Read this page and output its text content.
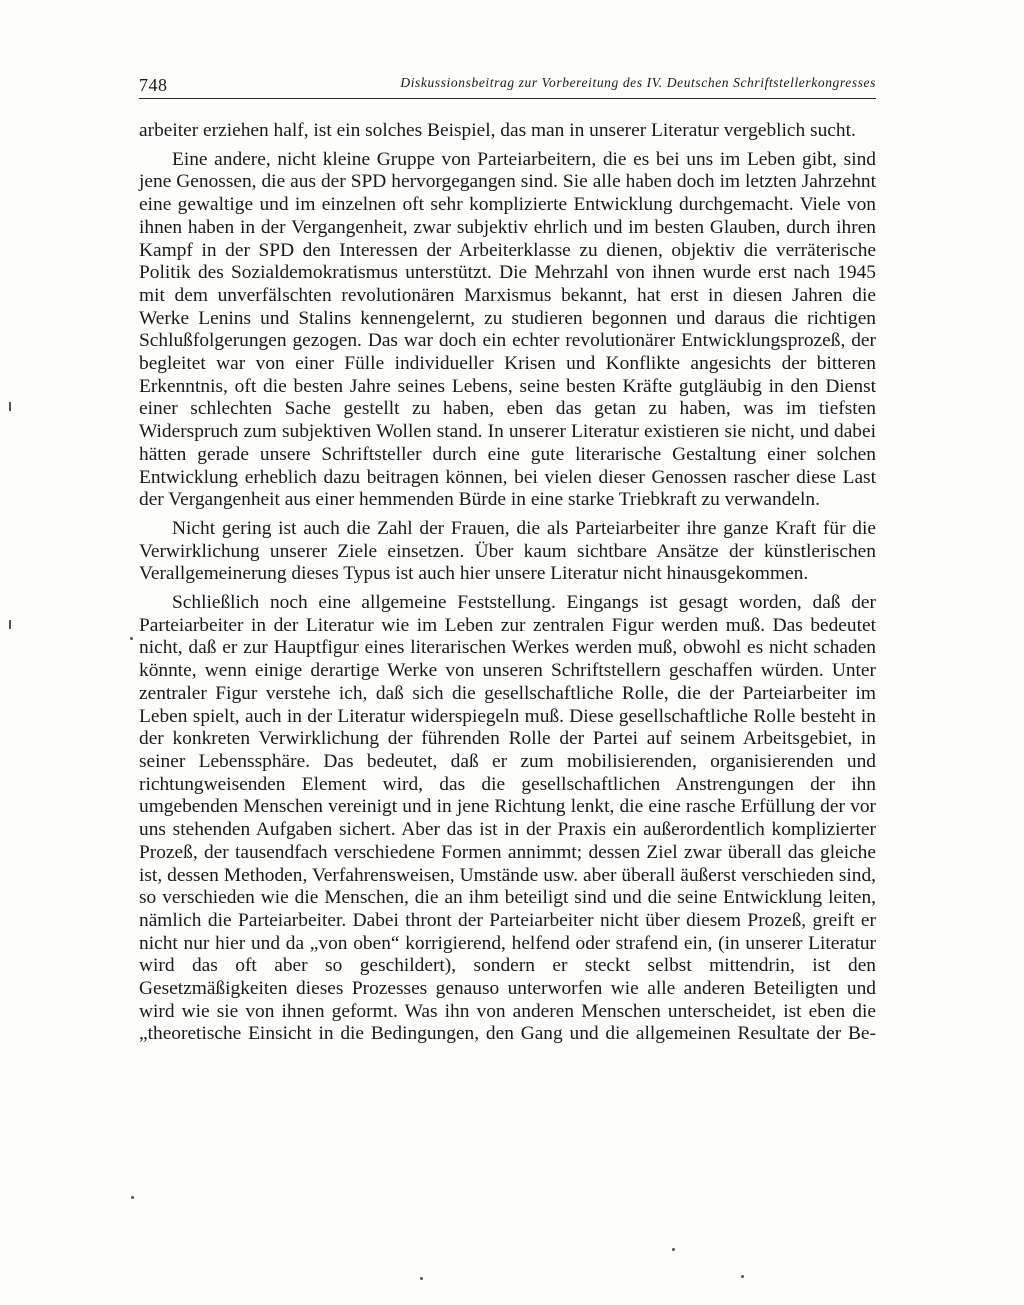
748	Diskussionsbeitrag zur Vorbereitung des IV. Deutschen Schriftstellerkongresses

arbeiter erziehen half, ist ein solches Beispiel, das man in unserer Literatur vergeblich sucht.

Eine andere, nicht kleine Gruppe von Parteiarbeitern, die es bei uns im Leben gibt, sind jene Genossen, die aus der SPD hervorgegangen sind. Sie alle haben doch im letzten Jahrzehnt eine gewaltige und im einzelnen oft sehr komplizierte Entwicklung durchgemacht. Viele von ihnen haben in der Vergangenheit, zwar subjektiv ehrlich und im besten Glauben, durch ihren Kampf in der SPD den Interessen der Arbeiterklasse zu dienen, objektiv die verräterische Politik des Sozialdemokratismus unterstützt. Die Mehrzahl von ihnen wurde erst nach 1945 mit dem unverfälschten revolutionären Marxismus bekannt, hat erst in diesen Jahren die Werke Lenins und Stalins kennengelernt, zu studieren begonnen und daraus die richtigen Schlußfolgerungen gezogen. Das war doch ein echter revolutionärer Entwicklungsprozeß, der begleitet war von einer Fülle individueller Krisen und Konflikte angesichts der bitteren Erkenntnis, oft die besten Jahre seines Lebens, seine besten Kräfte gutgläubig in den Dienst einer schlechten Sache gestellt zu haben, eben das getan zu haben, was im tiefsten Widerspruch zum subjektiven Wollen stand. In unserer Literatur existieren sie nicht, und dabei hätten gerade unsere Schriftsteller durch eine gute literarische Gestaltung einer solchen Entwicklung erheblich dazu beitragen können, bei vielen dieser Genossen rascher diese Last der Vergangenheit aus einer hemmenden Bürde in eine starke Triebkraft zu verwandeln.

Nicht gering ist auch die Zahl der Frauen, die als Parteiarbeiter ihre ganze Kraft für die Verwirklichung unserer Ziele einsetzen. Über kaum sichtbare Ansätze der künstlerischen Verallgemeinerung dieses Typus ist auch hier unsere Literatur nicht hinausgekommen.

Schließlich noch eine allgemeine Feststellung. Eingangs ist gesagt worden, daß der Parteiarbeiter in der Literatur wie im Leben zur zentralen Figur werden muß. Das bedeutet nicht, daß er zur Hauptfigur eines literarischen Werkes werden muß, obwohl es nicht schaden könnte, wenn einige derartige Werke von unseren Schriftstellern geschaffen würden. Unter zentraler Figur verstehe ich, daß sich die gesellschaftliche Rolle, die der Parteiarbeiter im Leben spielt, auch in der Literatur widerspiegeln muß. Diese gesellschaftliche Rolle besteht in der konkreten Verwirklichung der führenden Rolle der Partei auf seinem Arbeitsgebiet, in seiner Lebenssphäre. Das bedeutet, daß er zum mobilisierenden, organisierenden und richtungweisenden Element wird, das die gesellschaftlichen Anstrengungen der ihn umgebenden Menschen vereinigt und in jene Richtung lenkt, die eine rasche Erfüllung der vor uns stehenden Aufgaben sichert. Aber das ist in der Praxis ein außerordentlich komplizierter Prozeß, der tausendfach verschiedene Formen annimmt; dessen Ziel zwar überall das gleiche ist, dessen Methoden, Verfahrensweisen, Umstände usw. aber überall äußerst verschieden sind, so verschieden wie die Menschen, die an ihm beteiligt sind und die seine Entwicklung leiten, nämlich die Parteiarbeiter. Dabei thront der Parteiarbeiter nicht über diesem Prozeß, greift er nicht nur hier und da „von oben“ korrigierend, helfend oder strafend ein, (in unserer Literatur wird das oft aber so geschildert), sondern er steckt selbst mittendrin, ist den Gesetzmäßigkeiten dieses Prozesses genauso unterworfen wie alle anderen Beteiligten und wird wie sie von ihnen geformt. Was ihn von anderen Menschen unterscheidet, ist eben die „theoretische Einsicht in die Bedingungen, den Gang und die allgemeinen Resultate der Be-
